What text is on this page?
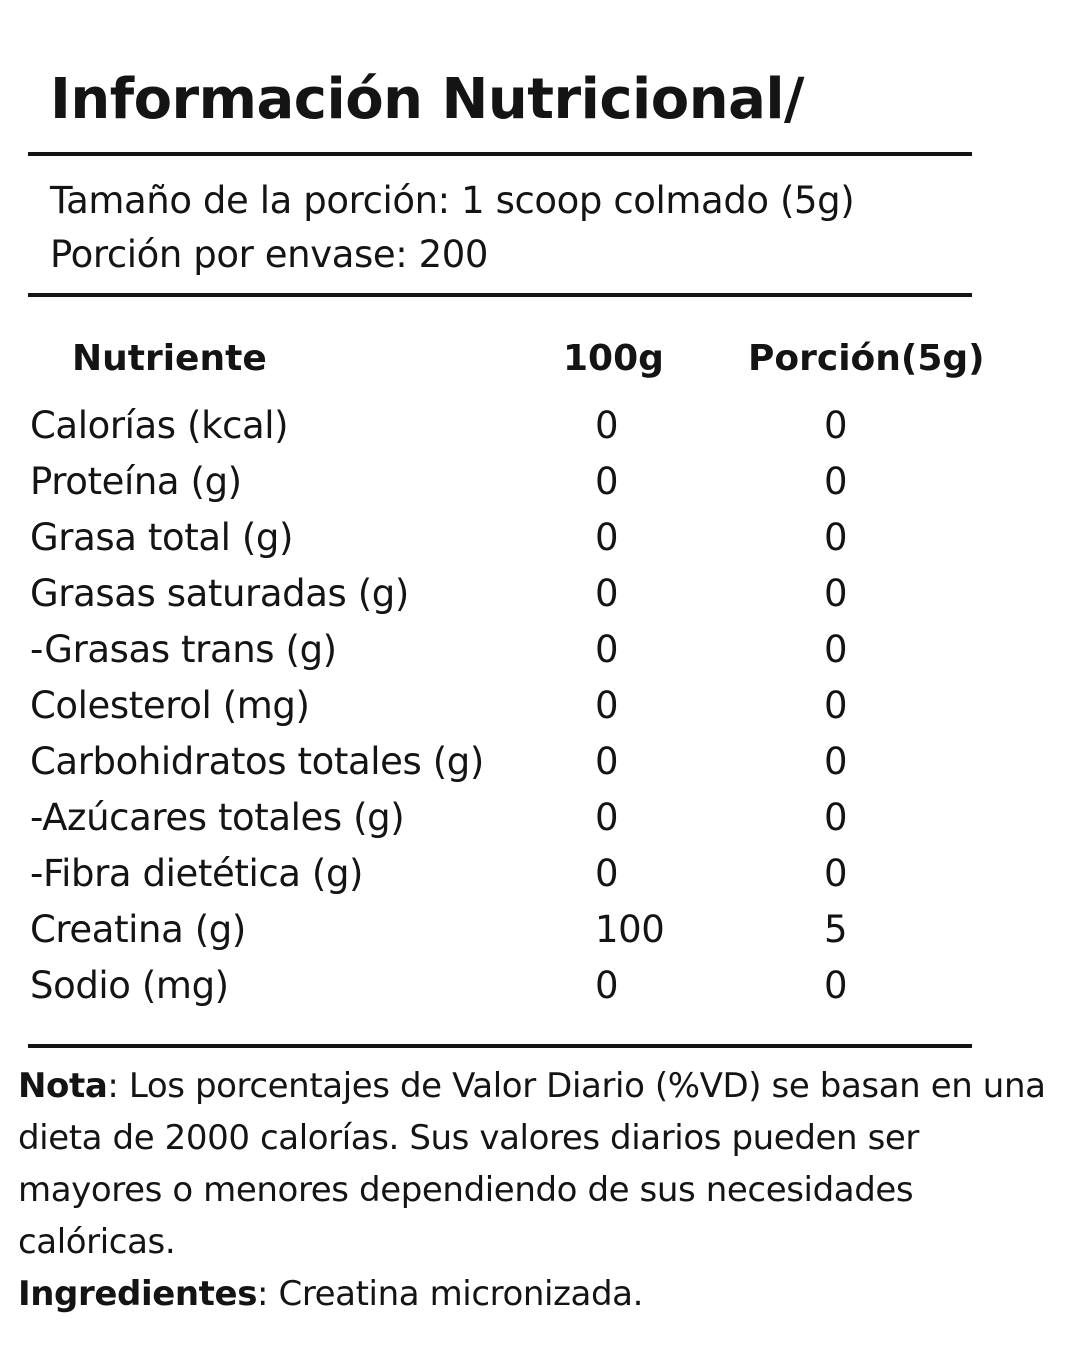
Información Nutricional/
Tamaño de la porción: 1 scoop colmado (5g)
Porción por envase: 200
Nutriente	100g Porción(5g)
Calorías (kcal)	0	0
Proteína (g)	0	0
Grasa total (g)	0	0
Grasas saturadas (g)	0	0
-Grasas trans (g)	0	0
Colesterol (mg)	0	0
Carbohidratos totales (g)	0	0
-Azúcares totales (g)	0	0
-Fibra dietética (g)	0	0
Creatina (g)	100	5
Sodio (mg)	0	0

Nota: Los porcentajes de Valor Diario (%VD) se basan en una dieta de 2000 calorías. Sus valores diarios pueden ser mayores o menores dependiendo de sus necesidades calóricas.

Ingredientes: Creatina micronizada.
